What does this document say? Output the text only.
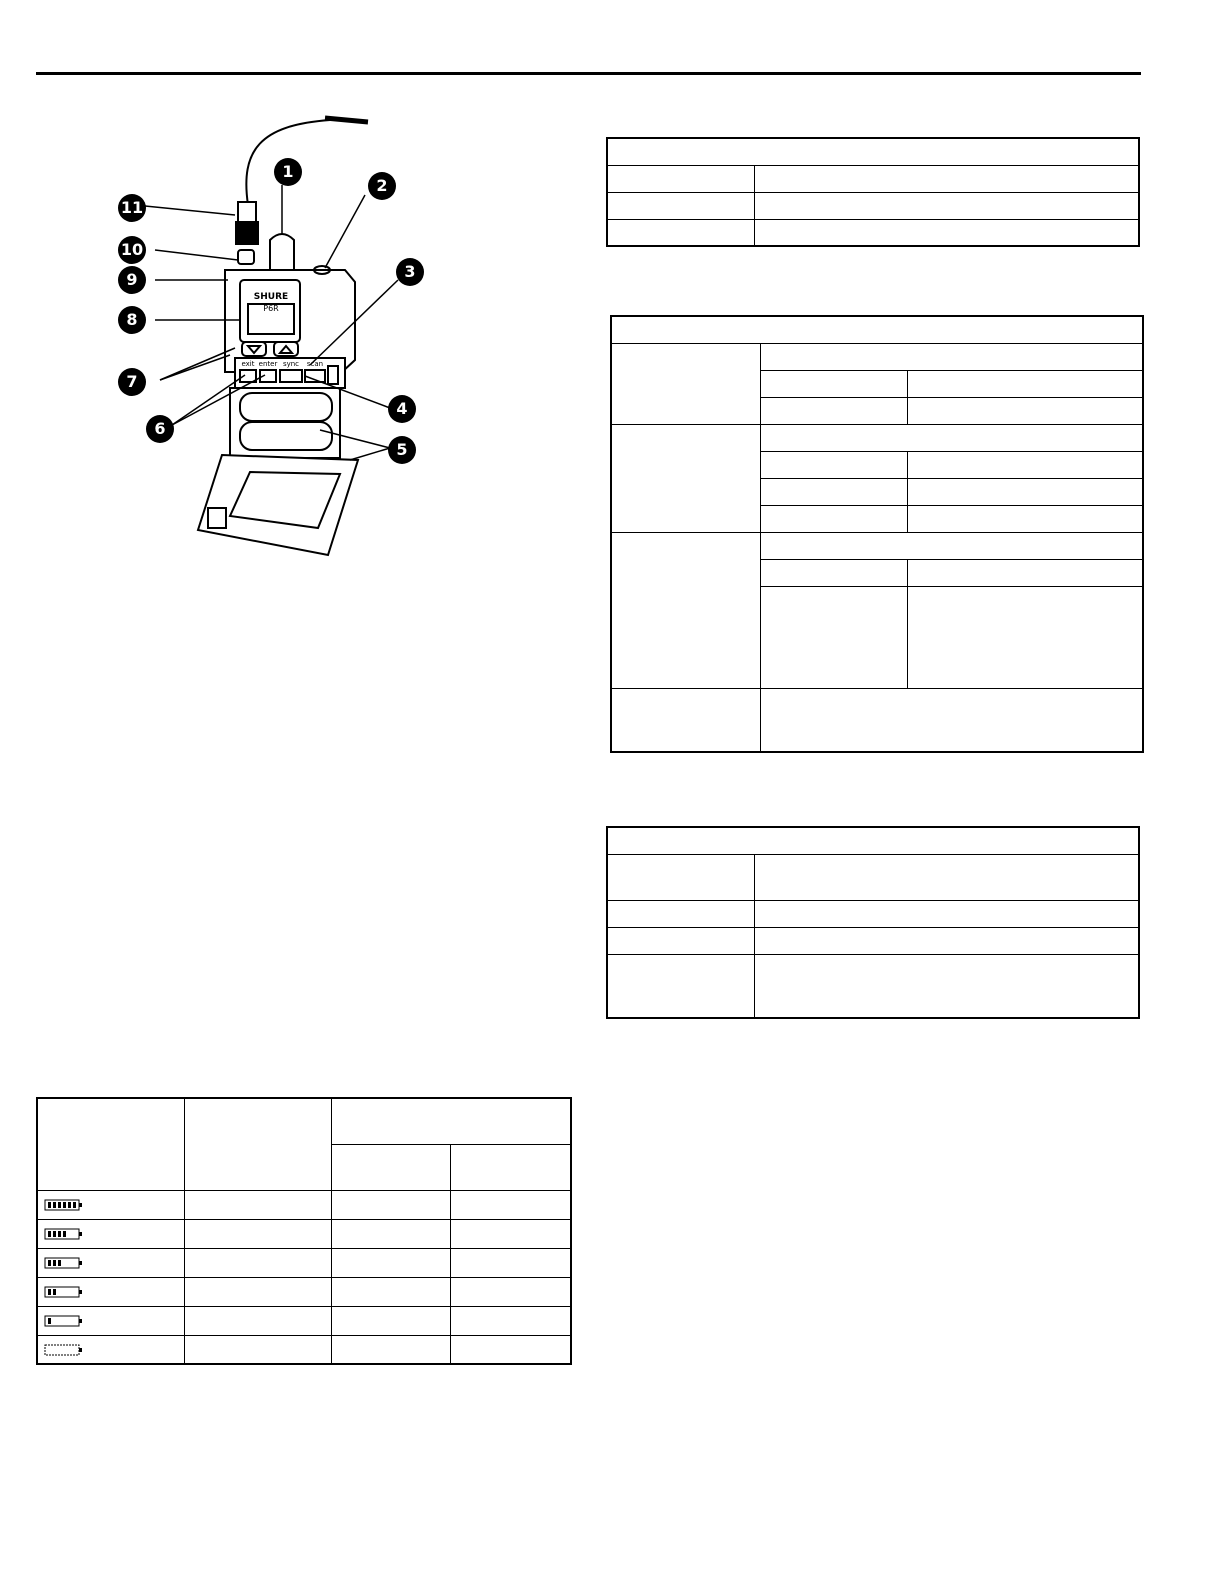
SHURE
P6R
exit enter sync scan
1
2
3
4
5
6
7
8
9
10
11
